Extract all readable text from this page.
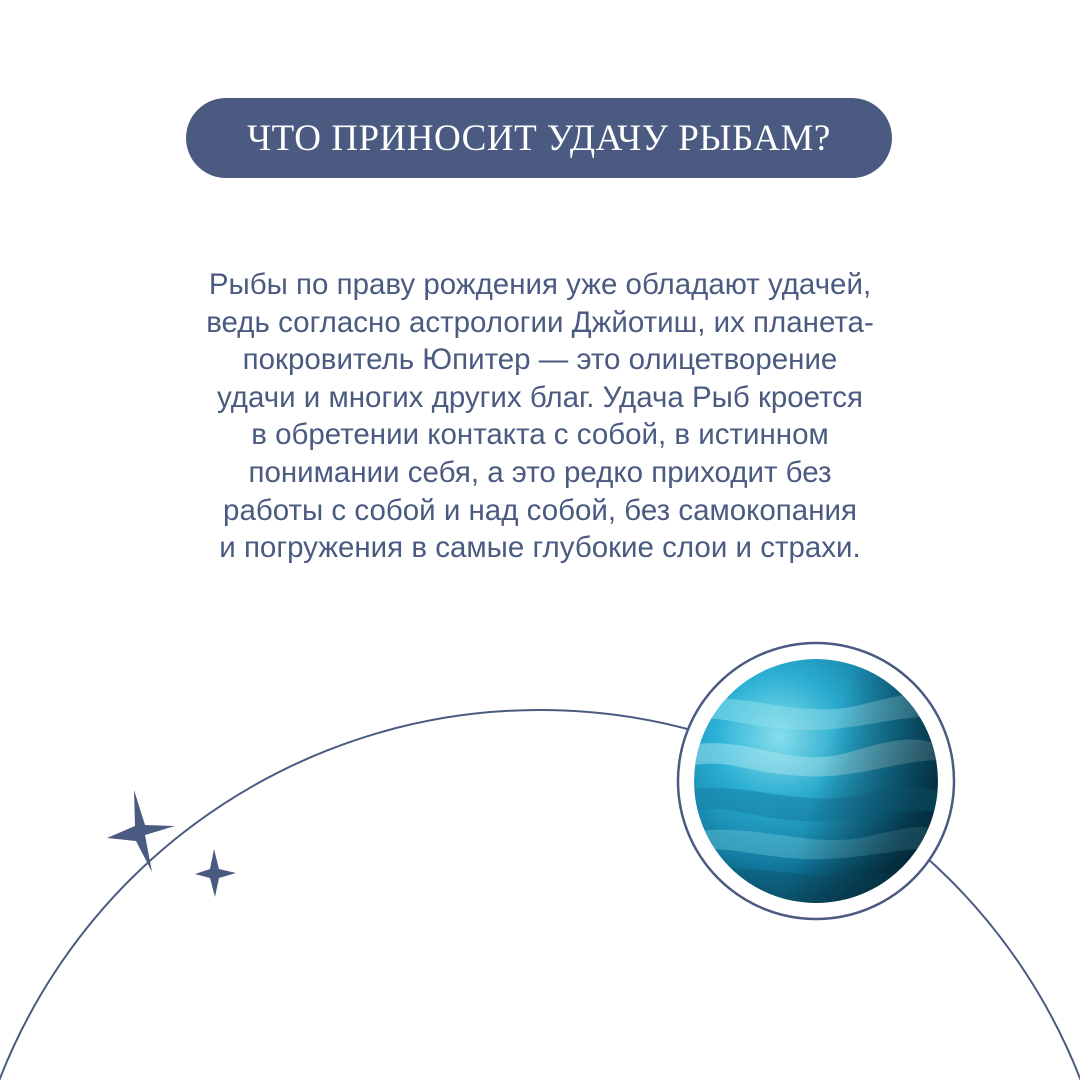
ЧТО ПРИНОСИТ УДАЧУ РЫБАМ?

Рыбы по праву рождения уже обладают удачей,
ведь согласно астрологии Джйотиш, их планета-
покровитель Юпитер — это олицетворение
удачи и многих других благ. Удача Рыб кроется
в обретении контакта с собой, в истинном
понимании себя, а это редко приходит без
работы с собой и над собой, без самокопания
и погружения в самые глубокие слои и страхи.
